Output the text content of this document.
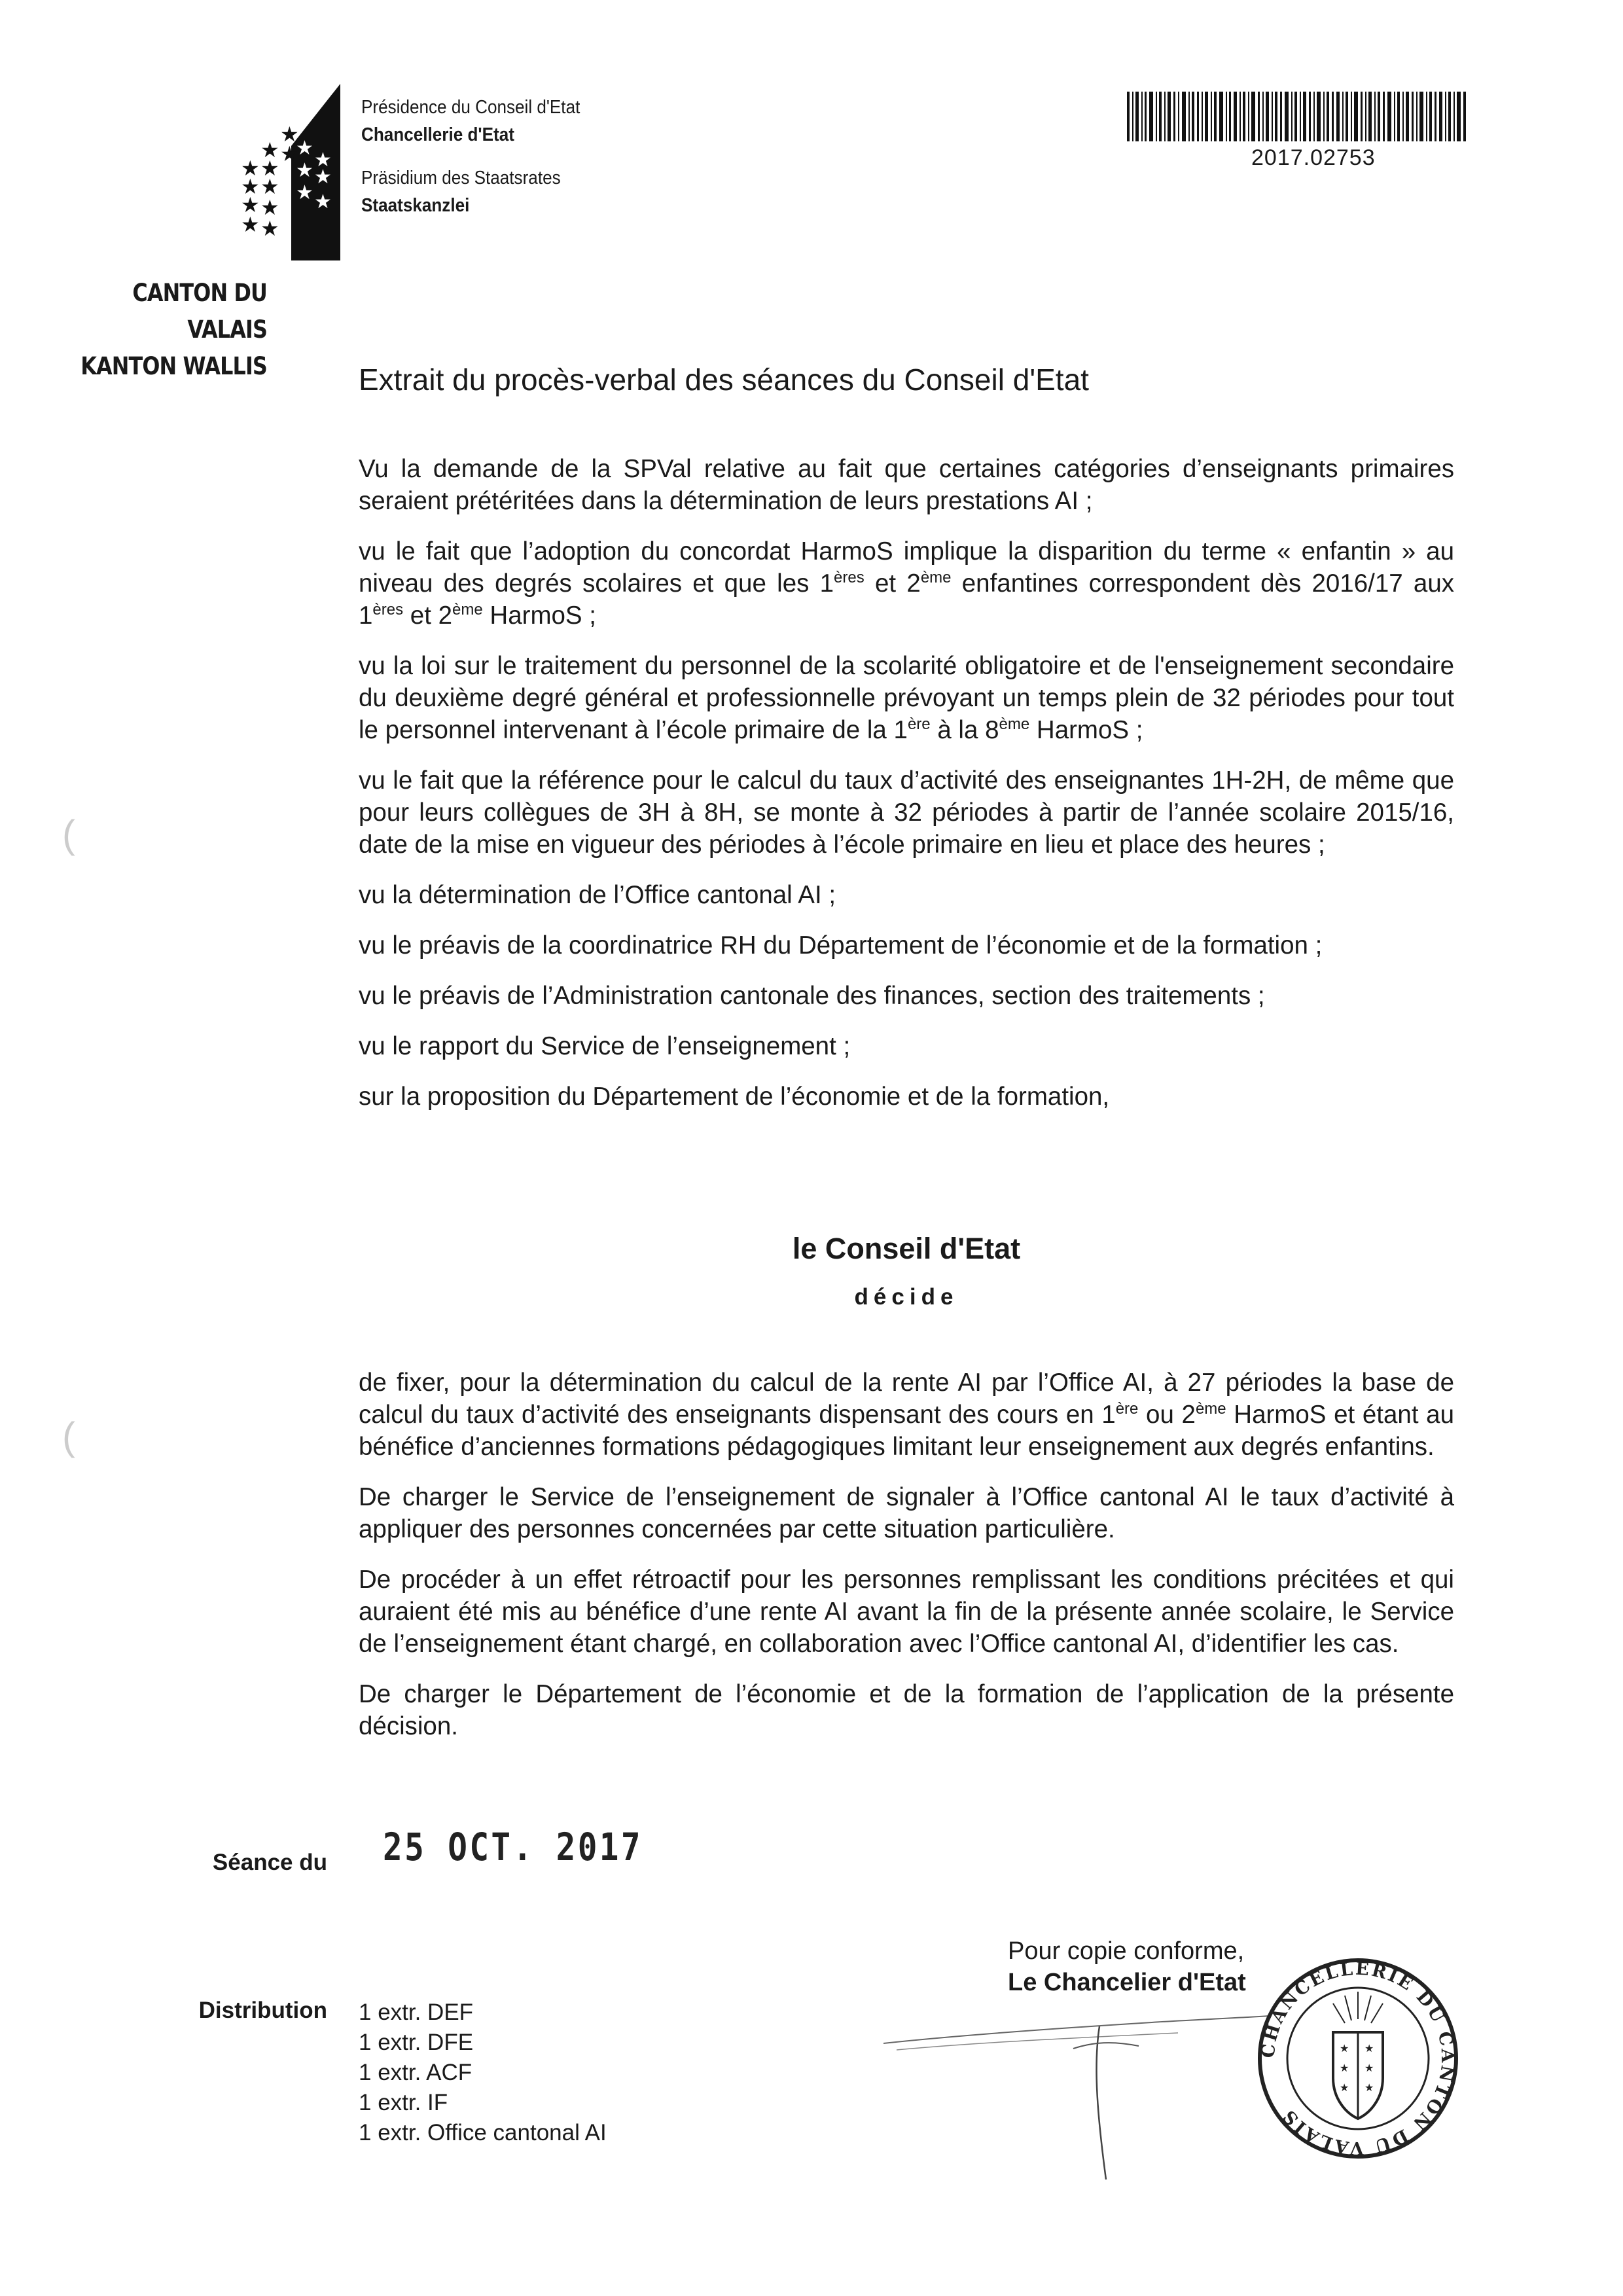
★
★ ★
★ ★
★ ★
★ ★
★ ★
★
★
★ ★
★ ★
CANTON DU VALAIS
KANTON WALLIS
Présidence du Conseil d'Etat
Chancellerie d'Etat
Präsidium des Staatsrates
Staatskanzlei
2017.02753
Extrait du procès-verbal des séances du Conseil d'Etat

Vu la demande de la SPVal relative au fait que certaines catégories d’enseignants primaires seraient prétéritées dans la détermination de leurs prestations AI ;

vu le fait que l’adoption du concordat HarmoS implique la disparition du terme « enfantin » au niveau des degrés scolaires et que les 1ères et 2ème enfantines correspondent dès 2016/17 aux 1ères et 2ème HarmoS ;

vu la loi sur le traitement du personnel de la scolarité obligatoire et de l'enseignement secondaire du deuxième degré général et professionnelle prévoyant un temps plein de 32 périodes pour tout le personnel intervenant à l’école primaire de la 1ère à la 8ème HarmoS ;

vu le fait que la référence pour le calcul du taux d’activité des enseignantes 1H-2H, de même que pour leurs collègues de 3H à 8H, se monte à 32 périodes à partir de l’année scolaire 2015/16, date de la mise en vigueur des périodes à l’école primaire en lieu et place des heures ;

vu la détermination de l’Office cantonal AI ;

vu le préavis de la coordinatrice RH du Département de l’économie et de la formation ;

vu le préavis de l’Administration cantonale des finances, section des traitements ;

vu le rapport du Service de l’enseignement ;

sur la proposition du Département de l’économie et de la formation,

le Conseil d'Etat
décide

de fixer, pour la détermination du calcul de la rente AI par l’Office AI, à 27 périodes la base de calcul du taux d’activité des enseignants dispensant des cours en 1ère ou 2ème HarmoS et étant au bénéfice d’anciennes formations pédagogiques limitant leur enseignement aux degrés enfantins.

De charger le Service de l’enseignement de signaler à l’Office cantonal AI le taux d’activité à appliquer des personnes concernées par cette situation particulière.

De procéder à un effet rétroactif pour les personnes remplissant les conditions précitées et qui auraient été mis au bénéfice d’une rente AI avant la fin de la présente année scolaire, le Service de l’enseignement étant chargé, en collaboration avec l’Office cantonal AI, d’identifier les cas.

De charger le Département de l’économie et de la formation de l’application de la présente décision.

Séance du 25 OCT. 2017
Pour copie conforme,
Le Chancelier d'Etat
Distribution 1 extr. DEF
1 extr. DFE
1 extr. ACF
1 extr. IF
1 extr. Office cantonal AI
CHANCELLERIE DU CANTON DU VALAIS
★
★
★
★
★
★
(
(
